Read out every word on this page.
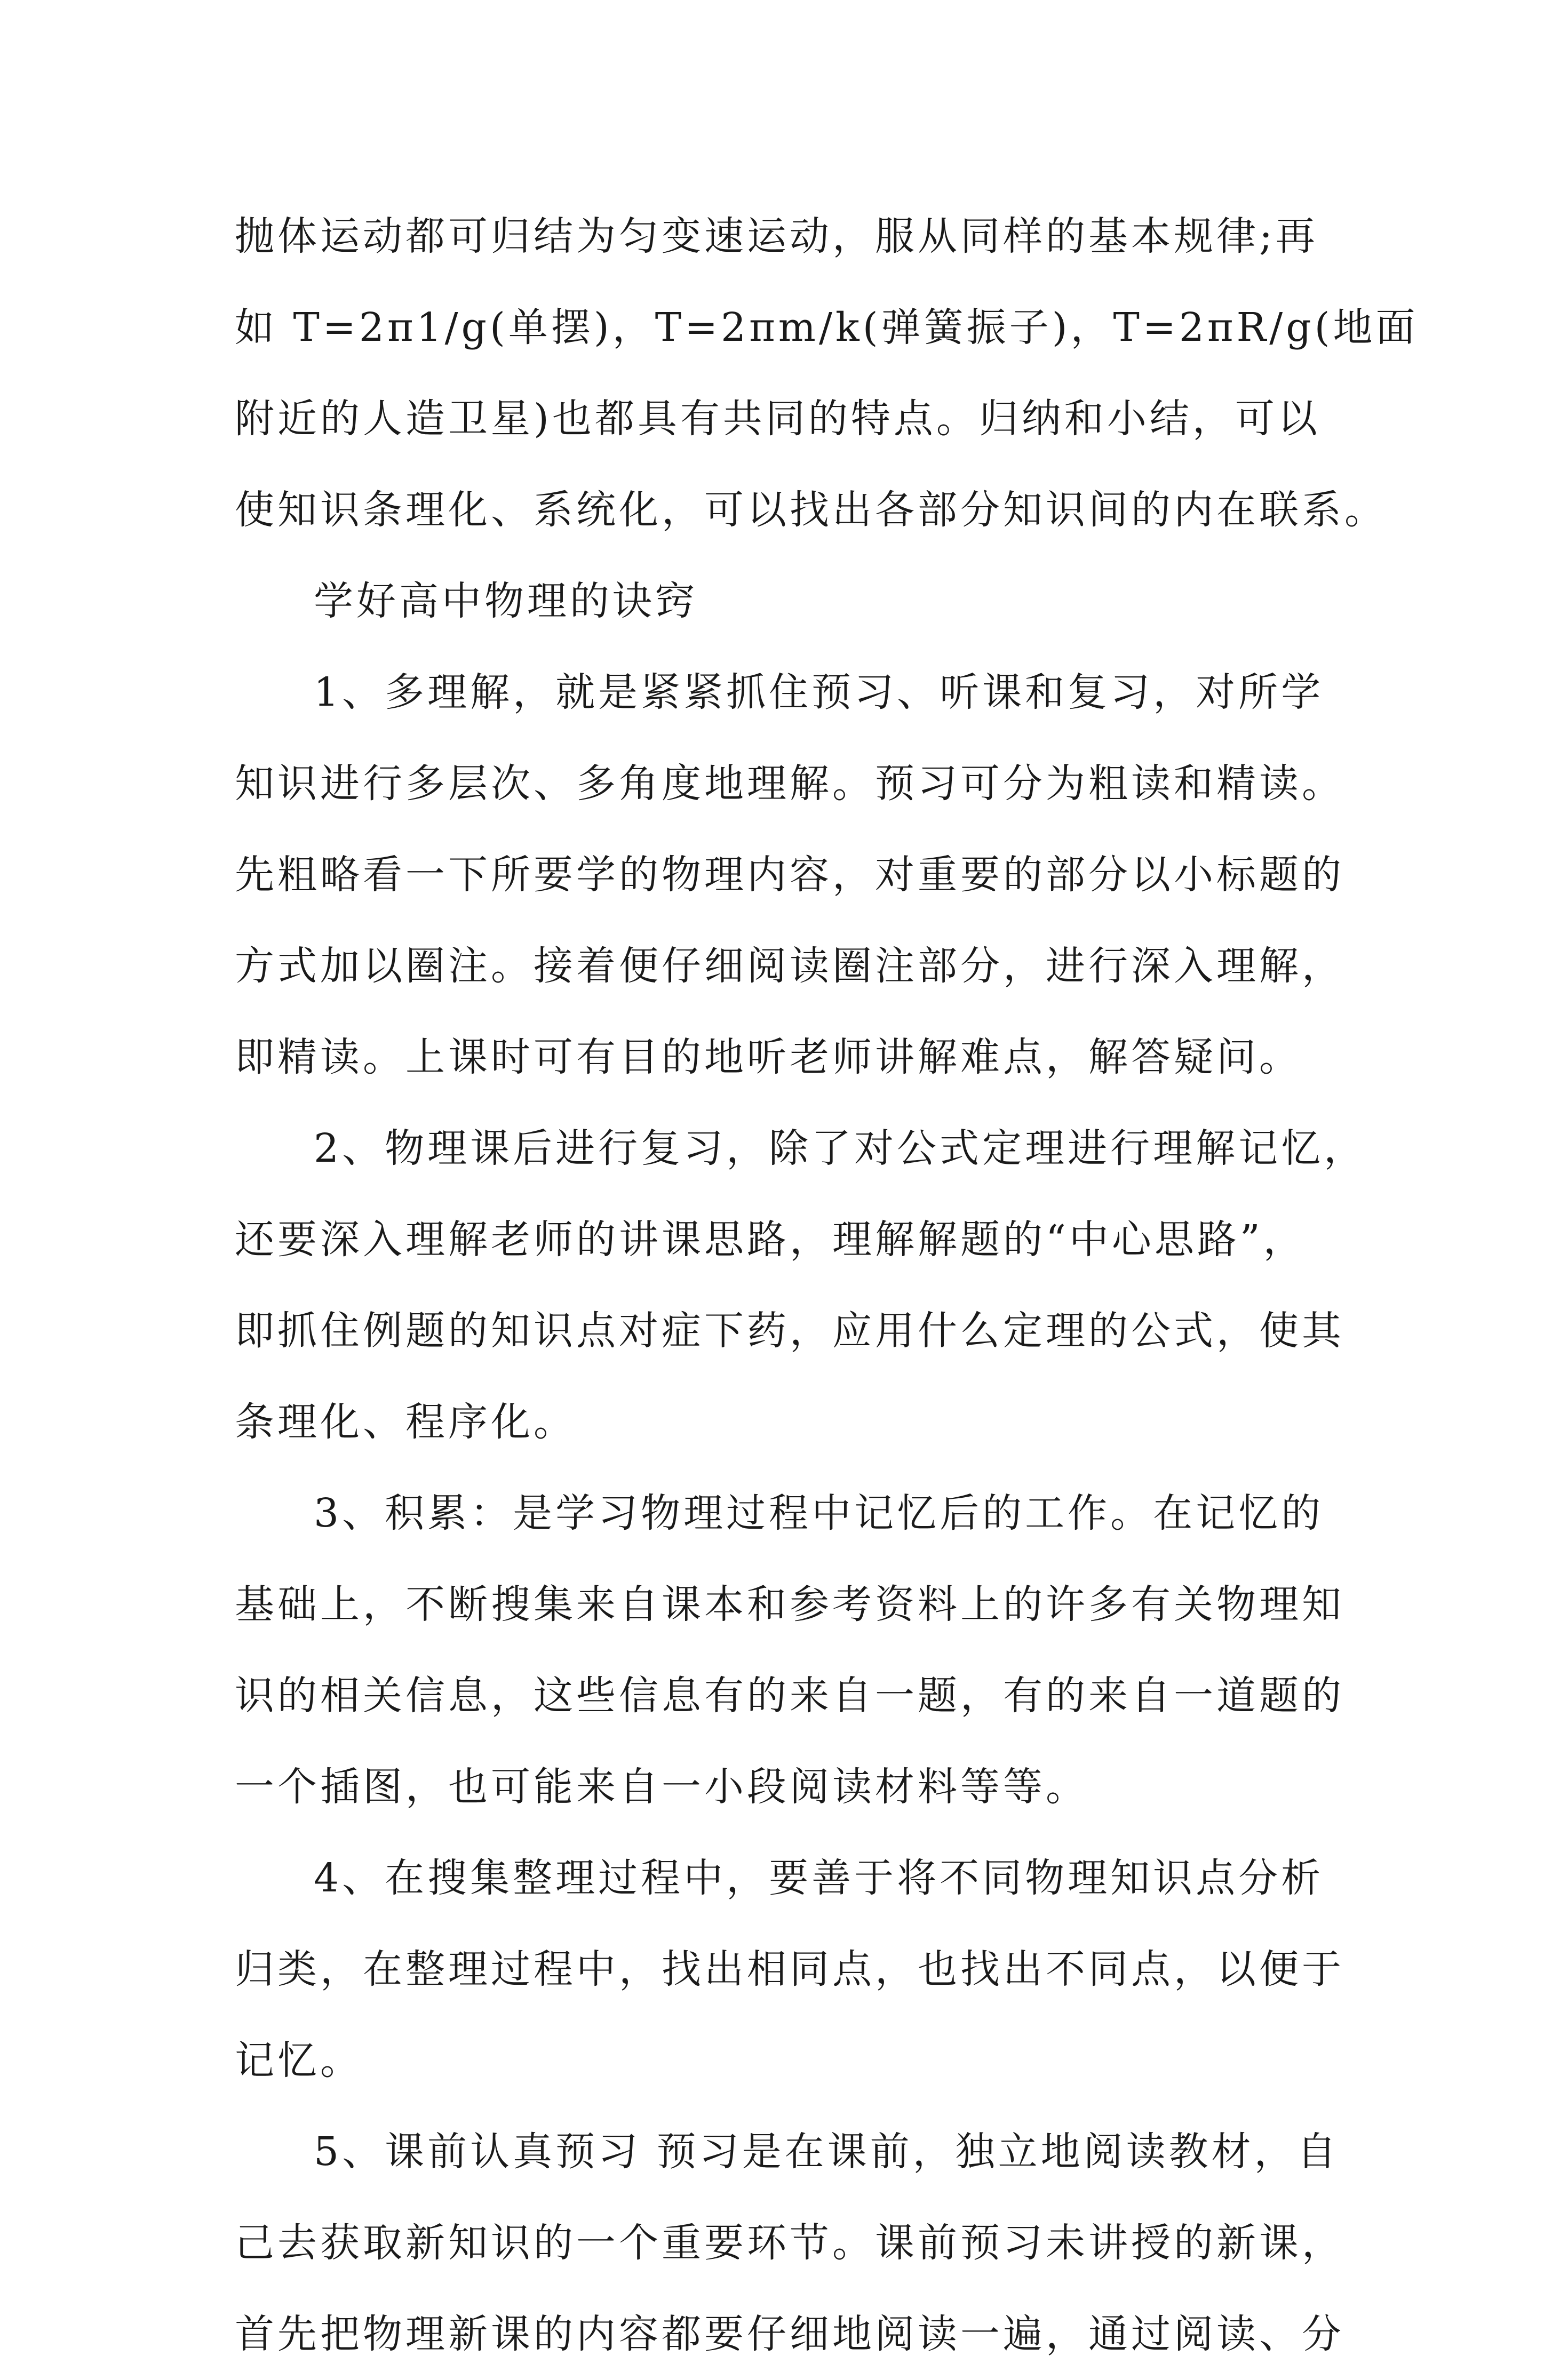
抛体运动都可归结为匀变速运动，服从同样的基本规律;再
如 T=2π1/g(单摆)，T=2πm/k(弹簧振子)，T=2πR/g(地面
附近的人造卫星)也都具有共同的特点。归纳和小结，可以
使知识条理化、系统化，可以找出各部分知识间的内在联系。
学好高中物理的诀窍
1、多理解，就是紧紧抓住预习、听课和复习，对所学
知识进行多层次、多角度地理解。预习可分为粗读和精读。
先粗略看一下所要学的物理内容，对重要的部分以小标题的
方式加以圈注。接着便仔细阅读圈注部分，进行深入理解，
即精读。上课时可有目的地听老师讲解难点，解答疑问。
2、物理课后进行复习，除了对公式定理进行理解记忆，
还要深入理解老师的讲课思路，理解解题的“中心思路”，
即抓住例题的知识点对症下药，应用什么定理的公式，使其
条理化、程序化。
3、积累：是学习物理过程中记忆后的工作。在记忆的
基础上，不断搜集来自课本和参考资料上的许多有关物理知
识的相关信息，这些信息有的来自一题，有的来自一道题的
一个插图，也可能来自一小段阅读材料等等。
4、在搜集整理过程中，要善于将不同物理知识点分析
归类，在整理过程中，找出相同点，也找出不同点，以便于
记忆。
5、课前认真预习 预习是在课前，独立地阅读教材，自
己去获取新知识的一个重要环节。课前预习未讲授的新课，
首先把物理新课的内容都要仔细地阅读一遍，通过阅读、分
